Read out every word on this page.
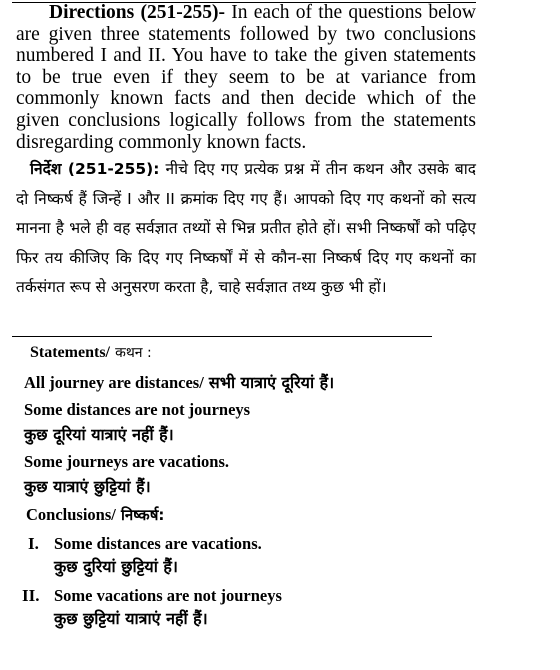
Directions (251-255)- In each of the questions below are given three statements followed by two conclusions numbered I and II. You have to take the given statements to be true even if they seem to be at variance from commonly known facts and then decide which of the given conclusions logically follows from the statements disregarding commonly known facts.

निर्देश (251-255): नीचे दिए गए प्रत्येक प्रश्न में तीन कथन और उसके बाद दो निष्कर्ष हैं जिन्हें I और II क्रमांक दिए गए हैं। आपको दिए गए कथनों को सत्य मानना है भले ही वह सर्वज्ञात तथ्यों से भिन्न प्रतीत होते हों। सभी निष्कर्षों को पढ़िए फिर तय कीजिए कि दिए गए निष्कर्षों में से कौन-सा निष्कर्ष दिए गए कथनों का तर्कसंगत रूप से अनुसरण करता है, चाहे सर्वज्ञात तथ्य कुछ भी हों।

Statements/ कथन :
All journey are distances/ सभी यात्राएं दूरियां हैं।
Some distances are not journeys
कुछ दूरियां यात्राएं नहीं हैं।
Some journeys are vacations.
कुछ यात्राएं छुट्टियां हैं।
Conclusions/ निष्कर्ष:
I. Some distances are vacations.
कुछ दुरियां छुट्टियां हैं।
II. Some vacations are not journeys
कुछ छुट्टियां यात्राएं नहीं हैं।
